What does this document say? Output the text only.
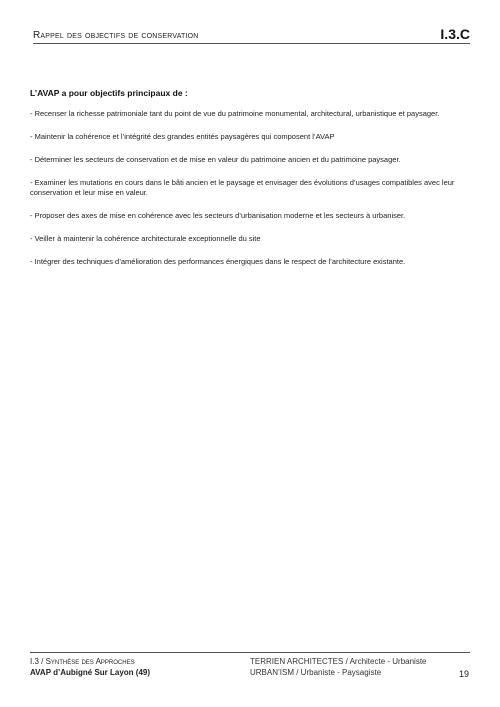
Rappel des objectifs de conservation	I.3.C

L’AVAP a pour objectifs principaux de :

- Recenser la richesse patrimoniale tant du point de vue du patrimoine monumental, architectural, urbanistique et paysager.
- Maintenir la cohérence et l’intégrité des grandes entités paysagères qui composent l’AVAP
- Déterminer les secteurs de conservation et de mise en valeur du patrimoine ancien et du patrimoine paysager.
- Examiner les mutations en cours dans le bâti ancien et le paysage et envisager des évolutions d’usages compatibles avec leur conservation et leur mise en valeur.
- Proposer des axes de mise en cohérence avec les secteurs d’urbanisation moderne et les secteurs à urbaniser.
- Veiller à maintenir la cohérence architecturale exceptionnelle du site
- Intégrer des techniques d’amélioration des performances énergiques dans le respect de l’architecture existante.
I.3 / Synthèse des Approches
AVAP d’Aubigné Sur Layon (49)
TERRIEN ARCHITECTES / Architecte - Urbaniste
URBAN’ISM / Urbaniste - Paysagiste	19
